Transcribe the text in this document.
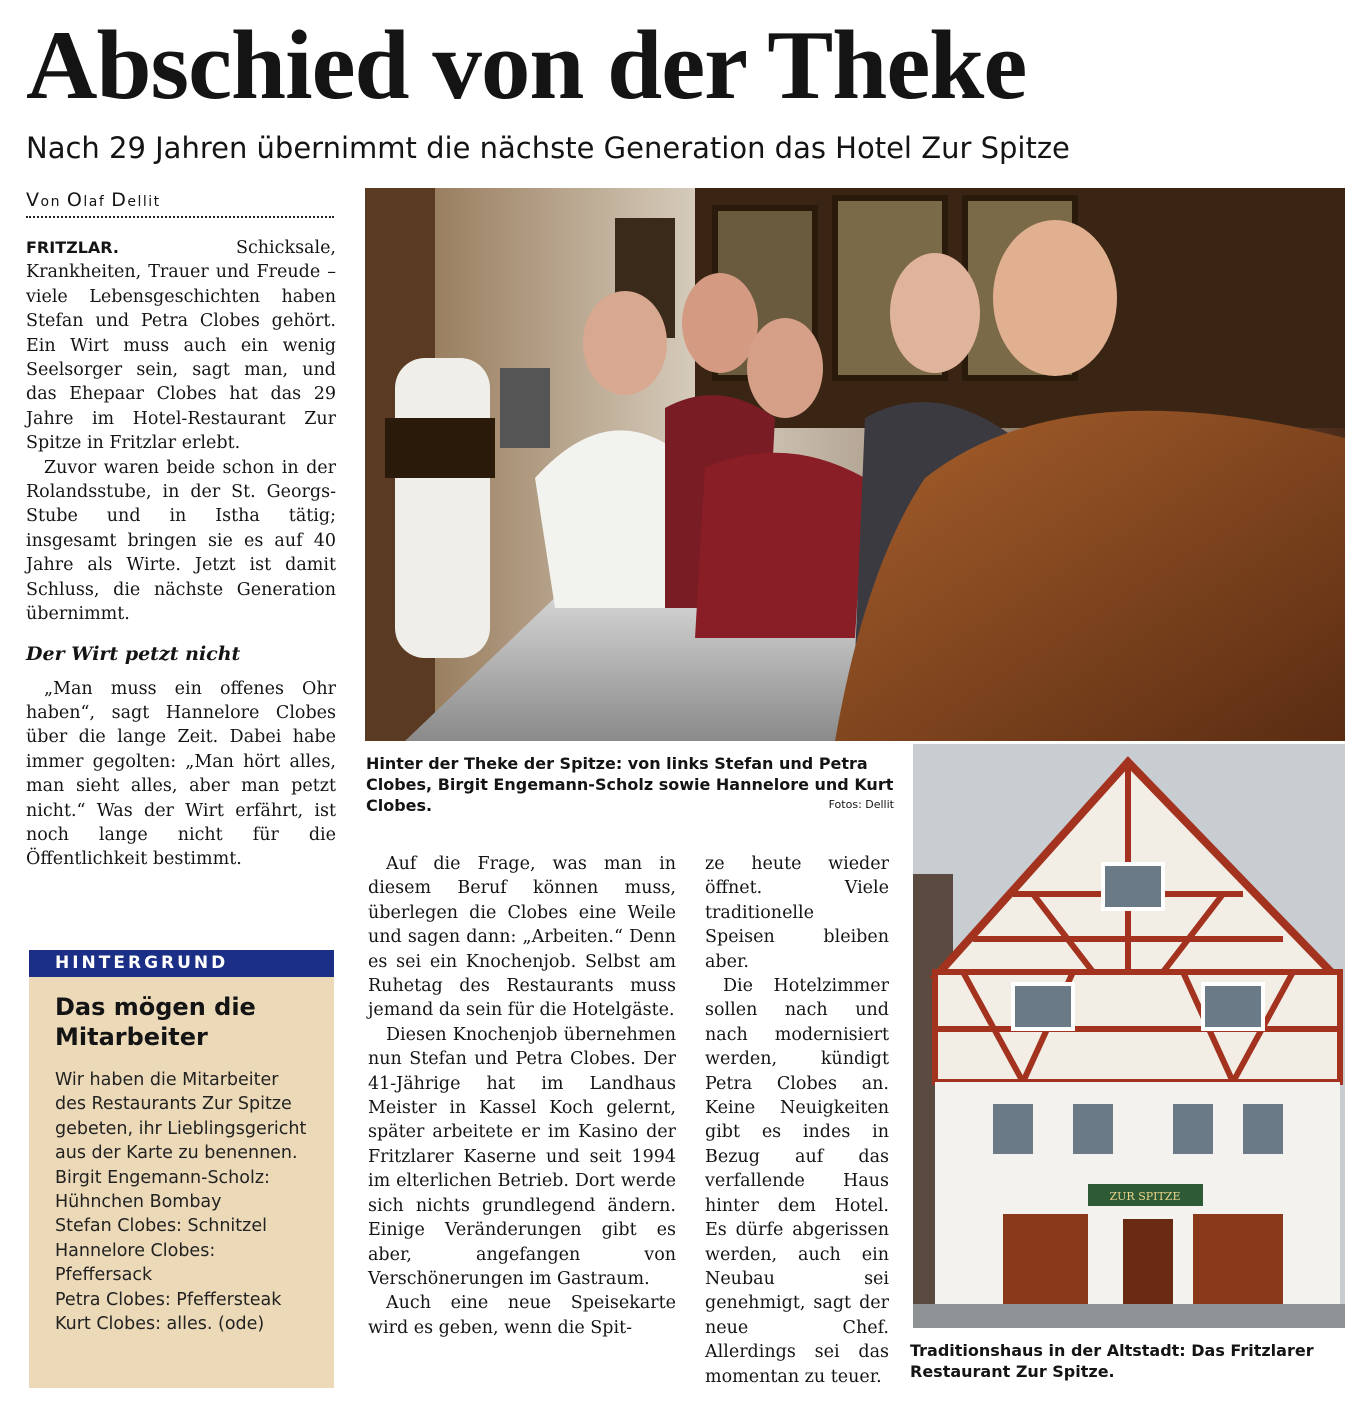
Abschied von der Theke
Nach 29 Jahren übernimmt die nächste Generation das Hotel Zur Spitze
Von Olaf Dellit

FRITZLAR.	Schicksale, Krankheiten, Trauer und Freude – viele Lebensgeschichten haben Stefan und Petra Clobes gehört. Ein Wirt muss auch ein wenig Seelsorger sein, sagt man, und das Ehepaar Clobes hat das 29 Jahre im Hotel-Restaurant Zur Spitze in Fritzlar erlebt.

Zuvor waren beide schon in der Rolandsstube, in der St. Georgs-Stube und in Istha tätig; insgesamt bringen sie es auf 40 Jahre als Wirte. Jetzt ist damit Schluss, die nächste Generation übernimmt.

Der Wirt petzt nicht

„Man muss ein offenes Ohr haben“, sagt Hannelore Clobes über die lange Zeit. Dabei habe immer gegolten: „Man hört alles, man sieht alles, aber man petzt nicht.“ Was der Wirt erfährt, ist noch lange nicht für die Öffentlichkeit bestimmt.

HINTERGRUND
Das mögen die Mitarbeiter

Wir haben die Mitarbeiter des Restaurants Zur Spitze gebeten, ihr Lieblingsgericht aus der Karte zu benennen.

Birgit Engemann-Scholz: Hühnchen Bombay

Stefan Clobes: Schnitzel

Hannelore Clobes: Pfeffersack

Petra Clobes: Pfeffersteak

Kurt Clobes: alles. (ode)

Hinter der Theke der Spitze: von links Stefan und Petra Clobes, Birgit Engemann-Scholz sowie Hannelore und Kurt Clobes.	Fotos: Dellit

Auf die Frage, was man in diesem Beruf können muss, überlegen die Clobes eine Weile und sagen dann: „Arbeiten.“ Denn es sei ein Knochenjob. Selbst am Ruhetag des Restaurants muss jemand da sein für die Hotelgäste.

Diesen Knochenjob übernehmen nun Stefan und Petra Clobes. Der 41-Jährige hat im Landhaus Meister in Kassel Koch gelernt, später arbeitete er im Kasino der Fritzlarer Kaserne und seit 1994 im elterlichen Betrieb. Dort werde sich nichts grundlegend ändern. Einige Veränderungen gibt es aber, angefangen von Verschönerungen im Gastraum.

Auch eine neue Speisekarte wird es geben, wenn die Spit-

ze heute wieder öffnet. Viele traditionelle Speisen bleiben aber.

Die Hotelzimmer sollen nach und nach modernisiert werden, kündigt Petra Clobes an. Keine Neuigkeiten gibt es indes in Bezug auf das verfallende Haus hinter dem Hotel. Es dürfe abgerissen werden, auch ein Neubau sei genehmigt, sagt der neue Chef. Allerdings sei das momentan zu teuer.

ZUR SPITZE
Traditionshaus in der Altstadt: Das Fritzlarer Restaurant Zur Spitze.
